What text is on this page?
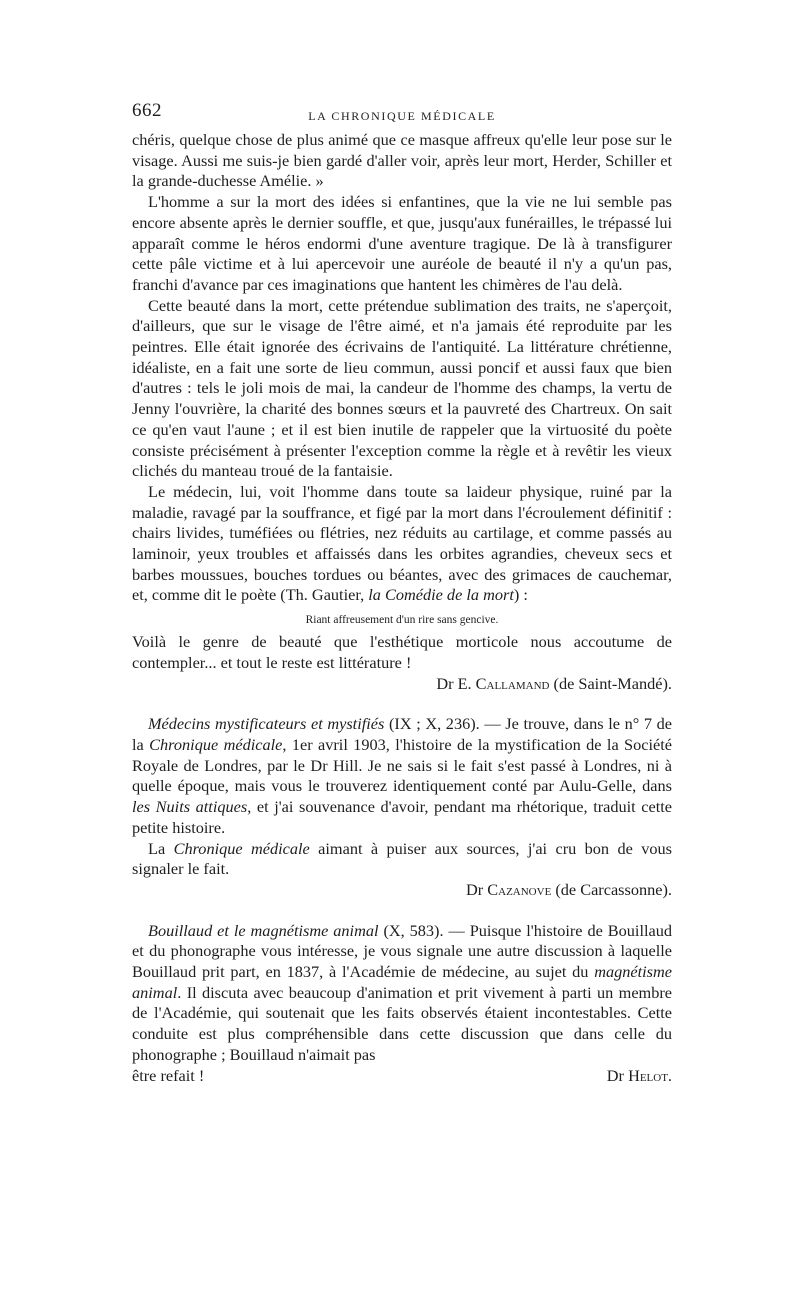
662	LA CHRONIQUE MÉDICALE

chéris, quelque chose de plus animé que ce masque affreux qu'elle leur pose sur le visage. Aussi me suis-je bien gardé d'aller voir, après leur mort, Herder, Schiller et la grande-duchesse Amélie. »

L'homme a sur la mort des idées si enfantines, que la vie ne lui semble pas encore absente après le dernier souffle, et que, jusqu'aux funérailles, le trépassé lui apparaît comme le héros endormi d'une aventure tragique. De là à transfigurer cette pâle victime et à lui apercevoir une auréole de beauté il n'y a qu'un pas, franchi d'avance par ces imaginations que hantent les chimères de l'au delà.

Cette beauté dans la mort, cette prétendue sublimation des traits, ne s'aperçoit, d'ailleurs, que sur le visage de l'être aimé, et n'a jamais été reproduite par les peintres. Elle était ignorée des écrivains de l'antiquité. La littérature chrétienne, idéaliste, en a fait une sorte de lieu commun, aussi poncif et aussi faux que bien d'autres : tels le joli mois de mai, la candeur de l'homme des champs, la vertu de Jenny l'ouvrière, la charité des bonnes sœurs et la pauvreté des Chartreux. On sait ce qu'en vaut l'aune ; et il est bien inutile de rappeler que la virtuosité du poète consiste précisément à présenter l'exception comme la règle et à revêtir les vieux clichés du manteau troué de la fantaisie.

Le médecin, lui, voit l'homme dans toute sa laideur physique, ruiné par la maladie, ravagé par la souffrance, et figé par la mort dans l'écroulement définitif : chairs livides, tuméfiées ou flétries, nez réduits au cartilage, et comme passés au laminoir, yeux troubles et affaissés dans les orbites agrandies, cheveux secs et barbes moussues, bouches tordues ou béantes, avec des grimaces de cauchemar, et, comme dit le poète (Th. Gautier, la Comédie de la mort) :

Riant affreusement d'un rire sans gencive.

Voilà le genre de beauté que l'esthétique morticole nous accoutume de contempler... et tout le reste est littérature !

Dr E. Callamand (de Saint-Mandé).

Médecins mystificateurs et mystifiés (IX ; X, 236). — Je trouve, dans le n° 7 de la Chronique médicale, 1er avril 1903, l'histoire de la mystification de la Société Royale de Londres, par le Dr Hill. Je ne sais si le fait s'est passé à Londres, ni à quelle époque, mais vous le trouverez identiquement conté par Aulu-Gelle, dans les Nuits attiques, et j'ai souvenance d'avoir, pendant ma rhétorique, traduit cette petite histoire.

La Chronique médicale aimant à puiser aux sources, j'ai cru bon de vous signaler le fait.

Dr Cazanove (de Carcassonne).

Bouillaud et le magnétisme animal (X, 583). — Puisque l'histoire de Bouillaud et du phonographe vous intéresse, je vous signale une autre discussion à laquelle Bouillaud prit part, en 1837, à l'Académie de médecine, au sujet du magnétisme animal. Il discuta avec beaucoup d'animation et prit vivement à parti un membre de l'Académie, qui soutenait que les faits observés étaient incontestables. Cette conduite est plus compréhensible dans cette discussion que dans celle du phonographe ; Bouillaud n'aimait pas

être refait !	Dr Helot.
